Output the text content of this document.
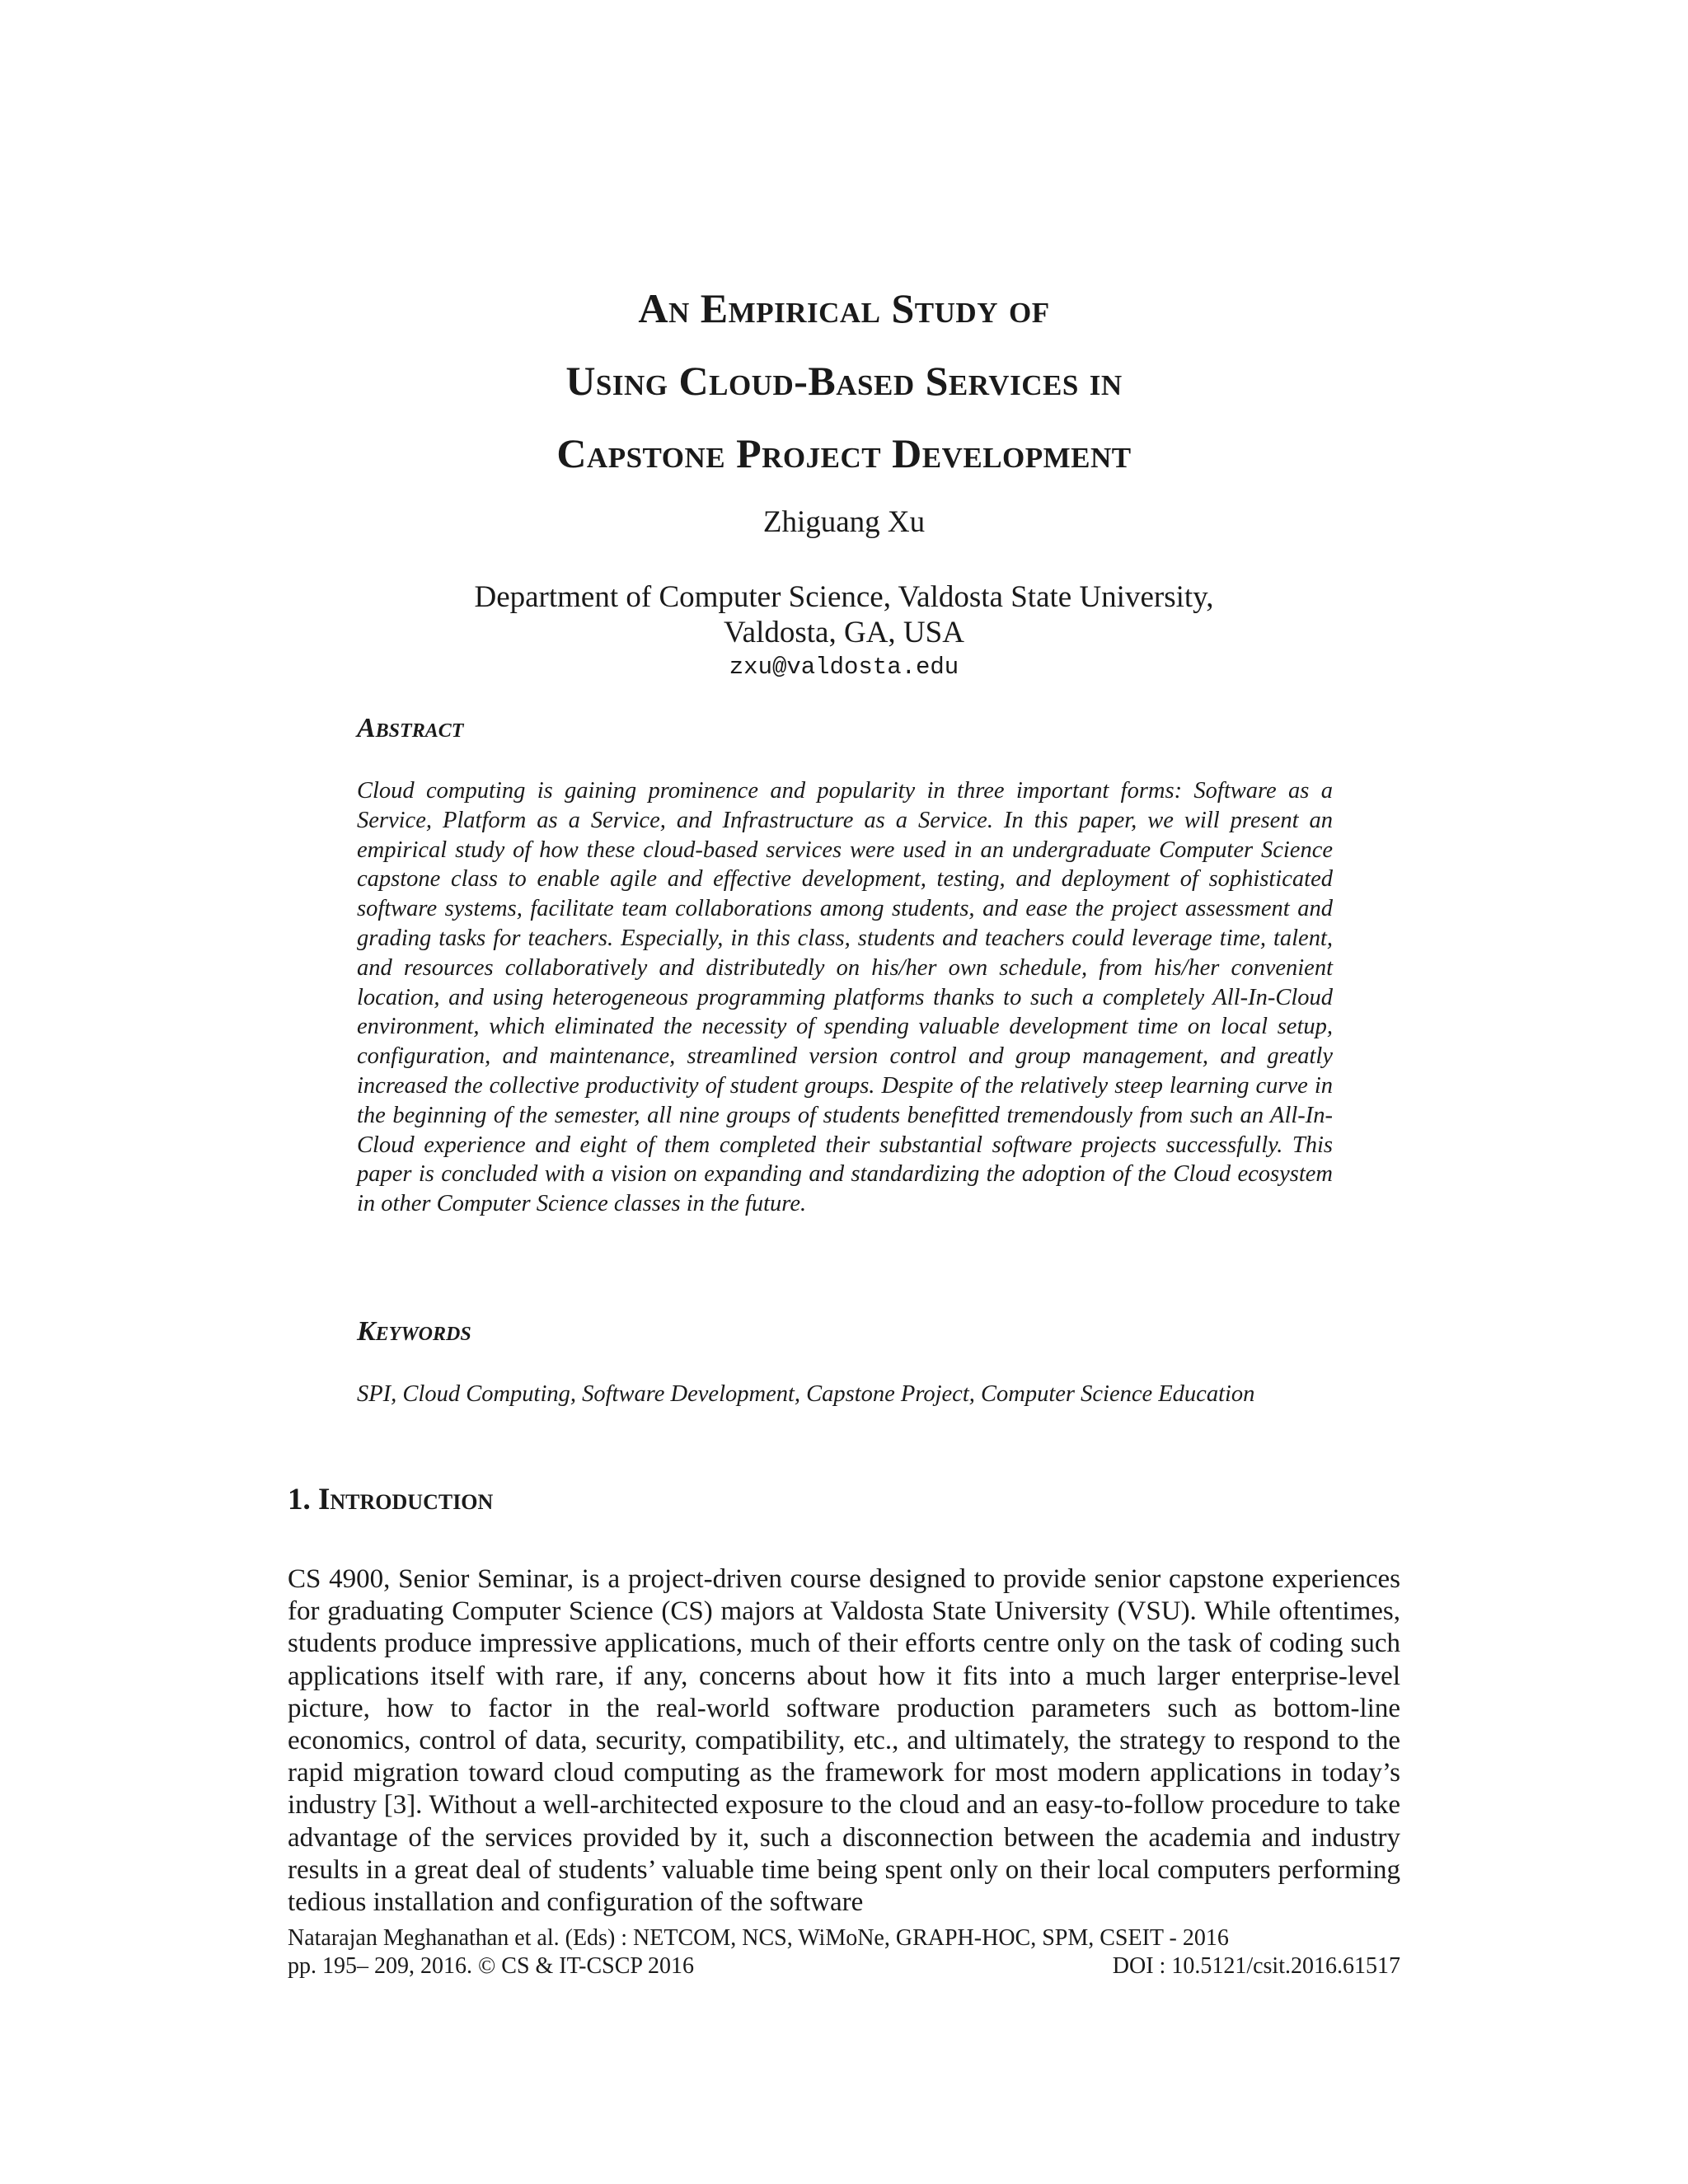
An Empirical Study of
Using Cloud-Based Services in
Capstone Project Development
Zhiguang Xu
Department of Computer Science, Valdosta State University,
Valdosta, GA, USA
zxu@valdosta.edu
Abstract

Cloud computing is gaining prominence and popularity in three important forms: Software as a Service, Platform as a Service, and Infrastructure as a Service. In this paper, we will present an empirical study of how these cloud-based services were used in an undergraduate Computer Science capstone class to enable agile and effective development, testing, and deployment of sophisticated software systems, facilitate team collaborations among students, and ease the project assessment and grading tasks for teachers. Especially, in this class, students and teachers could leverage time, talent, and resources collaboratively and distributedly on his/her own schedule, from his/her convenient location, and using heterogeneous programming platforms thanks to such a completely All-In-Cloud environment, which eliminated the necessity of spending valuable development time on local setup, configuration, and maintenance, streamlined version control and group management, and greatly increased the collective productivity of student groups. Despite of the relatively steep learning curve in the beginning of the semester, all nine groups of students benefitted tremendously from such an All-In-Cloud experience and eight of them completed their substantial software projects successfully. This paper is concluded with a vision on expanding and standardizing the adoption of the Cloud ecosystem in other Computer Science classes in the future.

Keywords

SPI, Cloud Computing, Software Development, Capstone Project, Computer Science Education

1. Introduction

CS 4900, Senior Seminar, is a project-driven course designed to provide senior capstone experiences for graduating Computer Science (CS) majors at Valdosta State University (VSU). While oftentimes, students produce impressive applications, much of their efforts centre only on the task of coding such applications itself with rare, if any, concerns about how it fits into a much larger enterprise-level picture, how to factor in the real-world software production parameters such as bottom-line economics, control of data, security, compatibility, etc., and ultimately, the strategy to respond to the rapid migration toward cloud computing as the framework for most modern applications in today’s industry [3]. Without a well-architected exposure to the cloud and an easy-to-follow procedure to take advantage of the services provided by it, such a disconnection between the academia and industry results in a great deal of students’ valuable time being spent only on their local computers performing tedious installation and configuration of the software

Natarajan Meghanathan et al. (Eds) : NETCOM, NCS, WiMoNe, GRAPH-HOC, SPM, CSEIT - 2016
pp. 195– 209, 2016. © CS & IT-CSCP 2016	DOI : 10.5121/csit.2016.61517
